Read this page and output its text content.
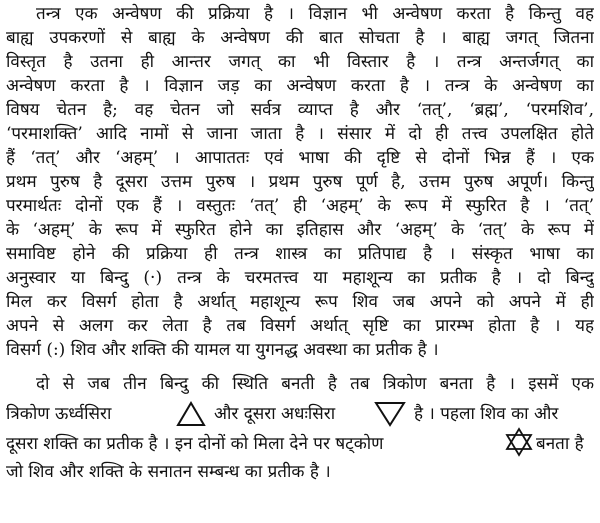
तन्त्र एक अन्वेषण की प्रक्रिया है । विज्ञान भी अन्वेषण करता है किन्तु वह
बाह्य उपकरणों से बाह्य के अन्वेषण की बात सोचता है । बाह्य जगत् जितना
विस्तृत है उतना ही आन्तर जगत् का भी विस्तार है । तन्त्र अन्तर्जगत् का
अन्वेषण करता है । विज्ञान जड़ का अन्वेषण करता है । तन्त्र के अन्वेषण का
विषय चेतन है; वह चेतन जो सर्वत्र व्याप्त है और ‘तत्’, ‘ब्रह्म’, ‘परमशिव’,
‘परमाशक्ति’ आदि नामों से जाना जाता है । संसार में दो ही तत्त्व उपलक्षित होते
हैं ‘तत्’ और ‘अहम्’ । आपाततः एवं भाषा की दृष्टि से दोनों भिन्न हैं । एक
प्रथम पुरुष है दूसरा उत्तम पुरुष । प्रथम पुरुष पूर्ण है, उत्तम पुरुष अपूर्ण। किन्तु
परमार्थतः दोनों एक हैं । वस्तुतः ‘तत्’ ही ‘अहम्’ के रूप में स्फुरित है । ‘तत्’
के ‘अहम्’ के रूप में स्फुरित होने का इतिहास और ‘अहम्’ के ‘तत्’ के रूप में
समाविष्ट होने की प्रक्रिया ही तन्त्र शास्त्र का प्रतिपाद्य है । संस्कृत भाषा का
अनुस्वार या बिन्दु (·) तन्त्र के चरमतत्त्व या महाशून्य का प्रतीक है । दो बिन्दु
मिल कर विसर्ग होता है अर्थात् महाशून्य रूप शिव जब अपने को अपने में ही
अपने से अलग कर लेता है तब विसर्ग अर्थात् सृष्टि का प्रारम्भ होता है । यह
विसर्ग (:) शिव और शक्ति की यामल या युगनद्ध अवस्था का प्रतीक है ।
दो से जब तीन बिन्दु की स्थिति बनती है तब त्रिकोण बनता है । इसमें एक
त्रिकोण ऊर्ध्वसिरा	और दूसरा अधःसिरा	है । पहला शिव का और
दूसरा शक्ति का प्रतीक है । इन दोनों को मिला देने पर षट्कोण	बनता है
जो शिव और शक्ति के सनातन सम्बन्ध का प्रतीक है ।
